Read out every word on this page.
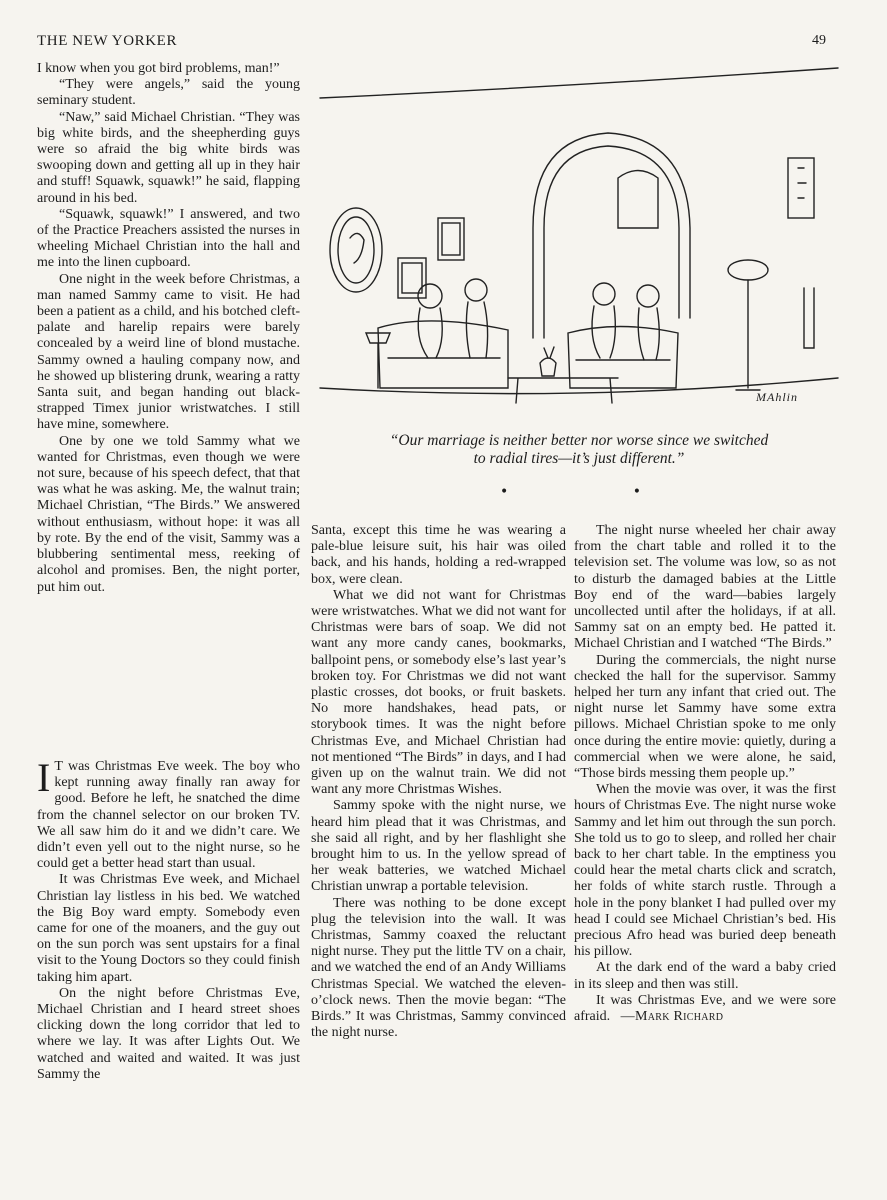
THE NEW YORKER	49

I know when you got bird problems, man!”

“They were angels,” said the young seminary student.

“Naw,” said Michael Christian. “They was big white birds, and the sheepherding guys were so afraid the big white birds was swooping down and getting all up in they hair and stuff! Squawk, squawk!” he said, flapping around in his bed.

“Squawk, squawk!” I answered, and two of the Practice Preachers assisted the nurses in wheeling Michael Christian into the hall and me into the linen cupboard.

One night in the week before Christmas, a man named Sammy came to visit. He had been a patient as a child, and his botched cleft-palate and harelip repairs were barely concealed by a weird line of blond mustache. Sammy owned a hauling company now, and he showed up blistering drunk, wearing a ratty Santa suit, and began handing out black-strapped Timex junior wristwatches. I still have mine, somewhere.

One by one we told Sammy what we wanted for Christmas, even though we were not sure, because of his speech defect, that that was what he was asking. Me, the walnut train; Michael Christian, “The Birds.” We answered without enthusiasm, without hope: it was all by rote. By the end of the visit, Sammy was a blubbering sentimental mess, reeking of alcohol and promises. Ben, the night porter, put him out.

I T was Christmas Eve week. The boy who kept running away finally ran away for good. Before he left, he snatched the dime from the channel selector on our broken TV. We all saw him do it and we didn’t care. We didn’t even yell out to the night nurse, so he could get a better head start than usual.

It was Christmas Eve week, and Michael Christian lay listless in his bed. We watched the Big Boy ward empty. Somebody even came for one of the moaners, and the guy out on the sun porch was sent upstairs for a final visit to the Young Doctors so they could finish taking him apart.

On the night before Christmas Eve, Michael Christian and I heard street shoes clicking down the long corridor that led to where we lay. It was after Lights Out. We watched and waited and waited. It was just Sammy the

MAhlin
“Our marriage is neither better nor worse since we switched
to radial tires—it’s just different.”
• •

Santa, except this time he was wearing a pale-blue leisure suit, his hair was oiled back, and his hands, holding a red-wrapped box, were clean.

What we did not want for Christmas were wristwatches. What we did not want for Christmas were bars of soap. We did not want any more candy canes, bookmarks, ballpoint pens, or somebody else’s last year’s broken toy. For Christmas we did not want plastic crosses, dot books, or fruit baskets. No more handshakes, head pats, or storybook times. It was the night before Christmas Eve, and Michael Christian had not mentioned “The Birds” in days, and I had given up on the walnut train. We did not want any more Christmas Wishes.

Sammy spoke with the night nurse, we heard him plead that it was Christmas, and she said all right, and by her flashlight she brought him to us. In the yellow spread of her weak batteries, we watched Michael Christian unwrap a portable television.

There was nothing to be done except plug the television into the wall. It was Christmas, Sammy coaxed the reluctant night nurse. They put the little TV on a chair, and we watched the end of an Andy Williams Christmas Special. We watched the eleven-o’clock news. Then the movie began: “The Birds.” It was Christmas, Sammy convinced the night nurse.

The night nurse wheeled her chair away from the chart table and rolled it to the television set. The volume was low, so as not to disturb the damaged babies at the Little Boy end of the ward—babies largely uncollected until after the holidays, if at all. Sammy sat on an empty bed. He patted it. Michael Christian and I watched “The Birds.”

During the commercials, the night nurse checked the hall for the supervisor. Sammy helped her turn any infant that cried out. The night nurse let Sammy have some extra pillows. Michael Christian spoke to me only once during the entire movie: quietly, during a commercial when we were alone, he said, “Those birds messing them people up.”

When the movie was over, it was the first hours of Christmas Eve. The night nurse woke Sammy and let him out through the sun porch. She told us to go to sleep, and rolled her chair back to her chart table. In the emptiness you could hear the metal charts click and scratch, her folds of white starch rustle. Through a hole in the pony blanket I had pulled over my head I could see Michael Christian’s bed. His precious Afro head was buried deep beneath his pillow.

At the dark end of the ward a baby cried in its sleep and then was still.

It was Christmas Eve, and we were sore afraid. —Mark Richard
